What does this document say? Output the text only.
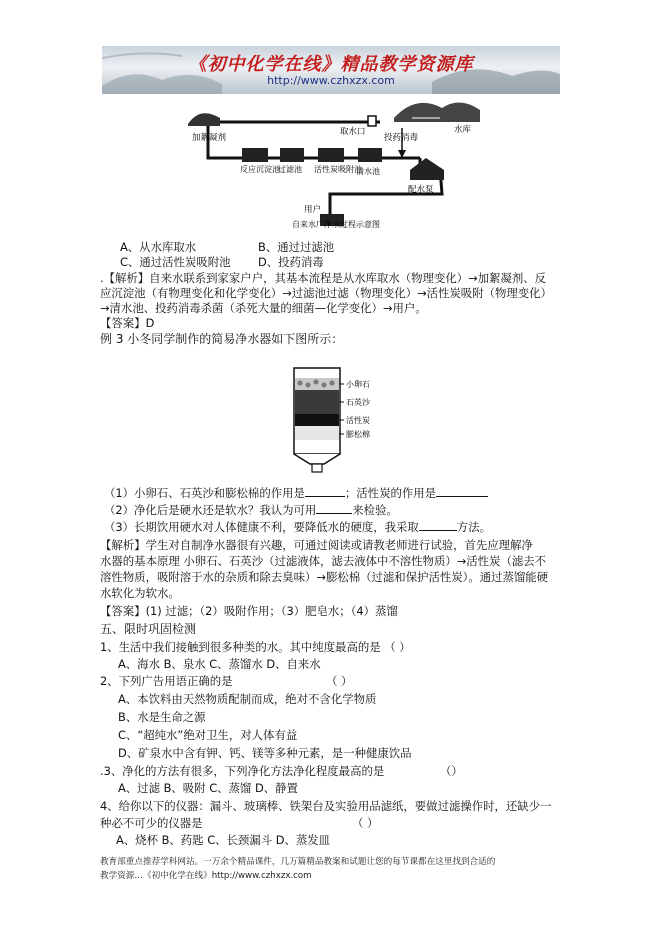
《初中化学在线》精品教学资源库
http://www.czhxzx.com
加絮凝剂
反应沉淀池
过滤池 活性炭吸附池
清水池
取水口
投药消毒
水库
配水泵
用户
自来水厂净水过程示意图
A、从水库取水	B、通过过滤池
C、通过活性炭吸附池 D、投药消毒
.【解析】自来水联系到家家户户，其基本流程是从水库取水（物理变化）→加絮凝剂、反
应沉淀池（有物理变化和化学变化）→过滤池过滤（物理变化）→活性炭吸附（物理变化）
→清水池、投药消毒杀菌（杀死大量的细菌—化学变化）→用户。
【答案】D
例 3 小冬同学制作的简易净水器如下图所示：
小卵石
石英沙
活性炭
膨松棉
（1）小卵石、石英沙和膨松棉的作用是	；活性炭的作用是
（2）净化后是硬水还是软水？我认为可用	来检验。
（3）长期饮用硬水对人体健康不利，要降低水的硬度，我采取	方法。
【解析】学生对自制净水器很有兴趣，可通过阅读或请教老师进行试验，首先应理解净
水器的基本原理 小卵石、石英沙（过滤液体，滤去液体中不溶性物质）→活性炭（滤去不
溶性物质，吸附溶于水的杂质和除去臭味）→膨松棉（过滤和保护活性炭）。通过蒸馏能硬
水软化为软水。
【答案】(1) 过滤；（2）吸附作用；（3）肥皂水；（4）蒸馏
五、限时巩固检测
1、生活中我们接触到很多种类的水。其中纯度最高的是 （ ）
A、海水 B、泉水 C、蒸馏水 D、自来水
2、下列广告用语正确的是	（ ）
A、本饮料由天然物质配制而成，绝对不含化学物质
B、水是生命之源
C、“超纯水”绝对卫生，对人体有益
D、矿泉水中含有钾、钙、镁等多种元素，是一种健康饮品
.3、净化的方法有很多，下列净化方法净化程度最高的是	（）
A、过滤 B、吸附 C、蒸馏 D、静置
4、给你以下的仪器：漏斗、玻璃棒、铁架台及实验用品滤纸，要做过滤操作时，还缺少一
种必不可少的仪器是	（ ）
A、烧杯 B、药匙 C、长颈漏斗 D、蒸发皿
教育部重点推荐学科网站。一万余个精品课件，几万篇精品教案和试题让您的每节课都在这里找到合适的
教学资源…《初中化学在线》http://www.czhxzx.com
